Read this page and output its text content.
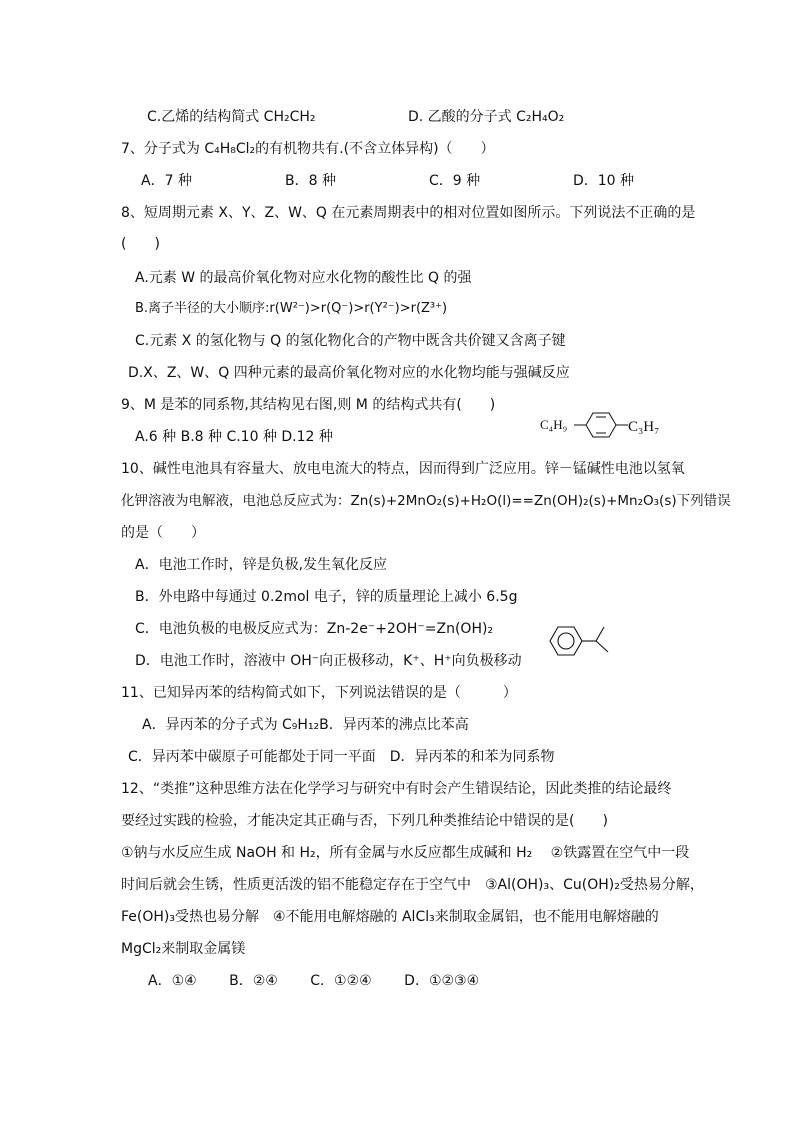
C.乙烯的结构简式 CH₂CH₂	D. 乙酸的分子式 C₂H₄O₂
7、分子式为 C₄H₈Cl₂的有机物共有.(不含立体异构)（　　）
A．7 种	B．8 种	C．9 种	D．10 种
8、短周期元素 X、Y、Z、W、Q 在元素周期表中的相对位置如图所示。下列说法不正确的是
(　　)
A.元素 W 的最高价氧化物对应水化物的酸性比 Q 的强
B.离子半径的大小顺序:r(W²⁻)>r(Q⁻)>r(Y²⁻)>r(Z³⁺)
C.元素 X 的氢化物与 Q 的氢化物化合的产物中既含共价键又含离子键
D.X、Z、W、Q 四种元素的最高价氧化物对应的水化物均能与强碱反应
9、M 是苯的同系物,其结构见右图,则 M 的结构式共有(　　)
A.6 种 B.8 种 C.10 种 D.12 种
C₄H₉	C₃H₇
10、碱性电池具有容量大、放电电流大的特点，因而得到广泛应用。锌－锰碱性电池以氢氧
化钾溶液为电解液，电池总反应式为：Zn(s)+2MnO₂(s)+H₂O(l)==Zn(OH)₂(s)+Mn₂O₃(s)下列错误
的是（　　）
A．电池工作时，锌是负极,发生氧化反应
B．外电路中每通过 0.2mol 电子，锌的质量理论上减小 6.5g
C．电池负极的电极反应式为：Zn-2e⁻+2OH⁻=Zn(OH)₂
D．电池工作时，溶液中 OH⁻向正极移动，K⁺、H⁺向负极移动
11、已知异丙苯的结构简式如下，下列说法错误的是（　　　）
A．异丙苯的分子式为 C₉H₁₂B．异丙苯的沸点比苯高
C．异丙苯中碳原子可能都处于同一平面　D．异丙苯的和苯为同系物
12、“类推”这种思维方法在化学学习与研究中有时会产生错误结论，因此类推的结论最终
要经过实践的检验，才能决定其正确与否，下列几种类推结论中错误的是(　　)
①钠与水反应生成 NaOH 和 H₂，所有金属与水反应都生成碱和 H₂ 　②铁露置在空气中一段
时间后就会生锈，性质更活泼的铝不能稳定存在于空气中　③Al(OH)₃、Cu(OH)₂受热易分解，
Fe(OH)₃受热也易分解　④不能用电解熔融的 AlCl₃来制取金属铝，也不能用电解熔融的
MgCl₂来制取金属镁
A．①④　　 B．②④　　 C．①②④　　 D．①②③④
